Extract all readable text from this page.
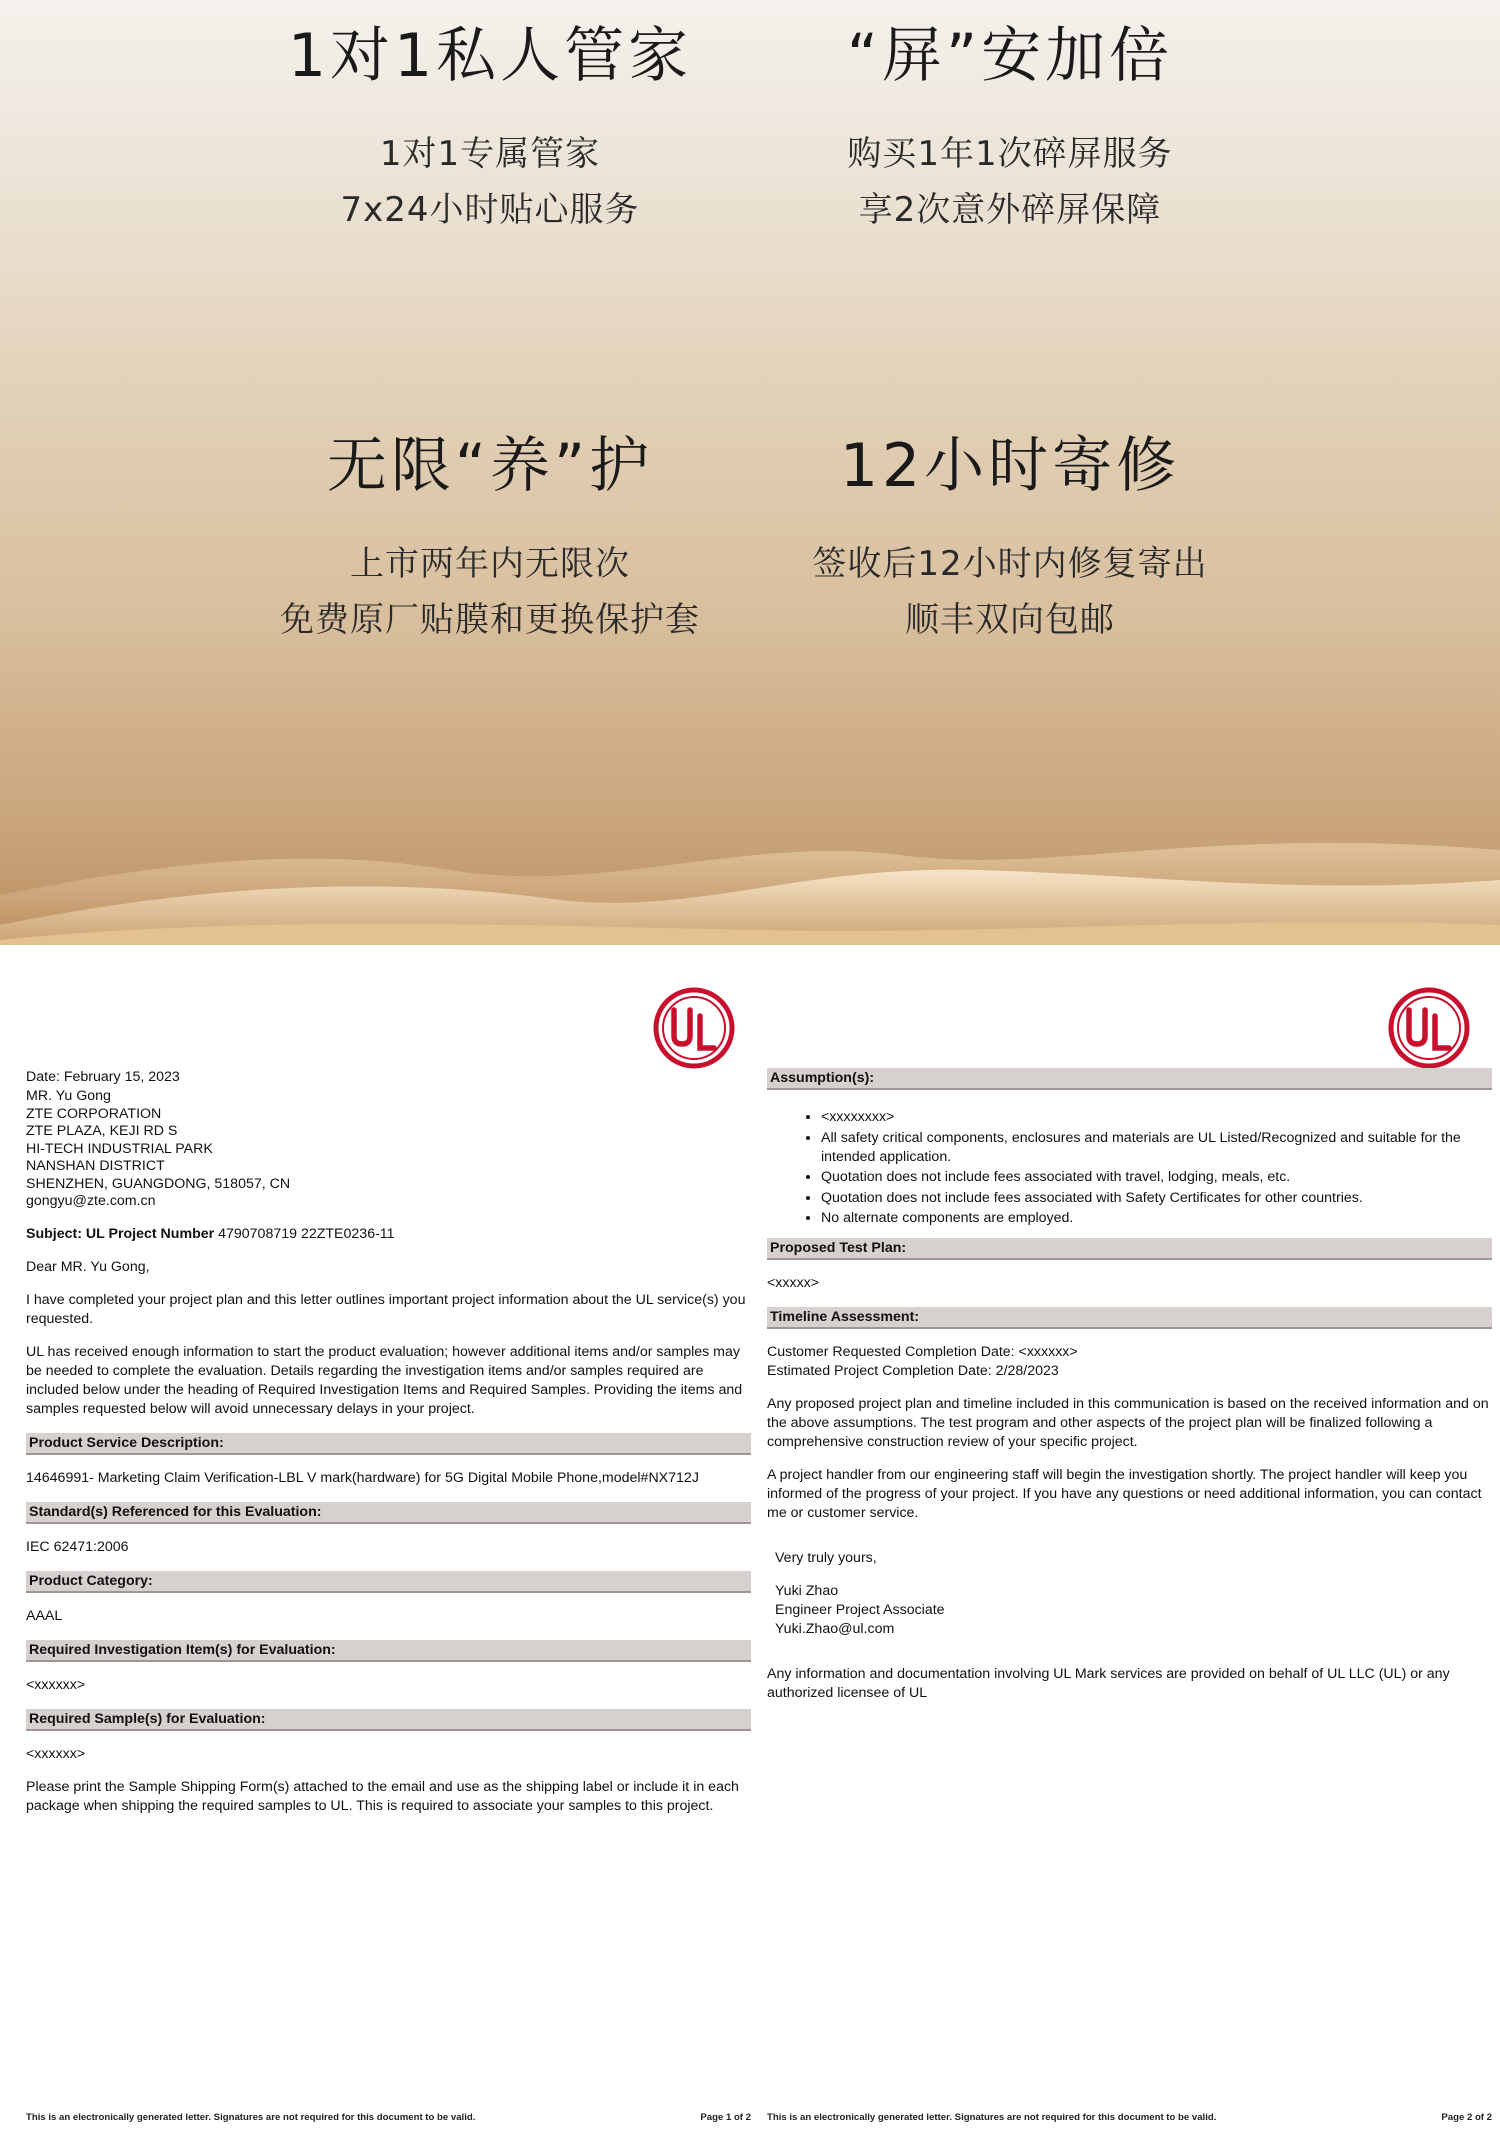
1对1私人管家
1对1专属管家
7x24小时贴心服务
“屏”安加倍
购买1年1次碎屏服务
享2次意外碎屏保障
无限“养”护
上市两年内无限次
免费原厂贴膜和更换保护套
12小时寄修
签收后12小时内修复寄出
顺丰双向包邮
Date: February 15, 2023
MR. Yu Gong
ZTE CORPORATION
ZTE PLAZA, KEJI RD S
HI-TECH INDUSTRIAL PARK
NANSHAN DISTRICT
SHENZHEN, GUANGDONG, 518057, CN
gongyu@zte.com.cn
Subject: UL Project Number 4790708719 22ZTE0236-11
Dear MR. Yu Gong,
I have completed your project plan and this letter outlines important project information about the UL service(s) you requested.
UL has received enough information to start the product evaluation; however additional items and/or samples may be needed to complete the evaluation. Details regarding the investigation items and/or samples required are included below under the heading of Required Investigation Items and Required Samples. Providing the items and samples requested below will avoid unnecessary delays in your project.
Product Service Description:
14646991- Marketing Claim Verification-LBL V mark(hardware) for 5G Digital Mobile Phone,model#NX712J
Standard(s) Referenced for this Evaluation:
IEC 62471:2006
Product Category:
AAAL
Required Investigation Item(s) for Evaluation:
<xxxxxx>
Required Sample(s) for Evaluation:
<xxxxxx>
Please print the Sample Shipping Form(s) attached to the email and use as the shipping label or include it in each package when shipping the required samples to UL. This is required to associate your samples to this project.
This is an electronically generated letter. Signatures are not required for this document to be valid.	Page 1 of 2
Assumption(s):
• <xxxxxxxx>
• All safety critical components, enclosures and materials are UL Listed/Recognized and suitable for the intended application.
• Quotation does not include fees associated with travel, lodging, meals, etc.
• Quotation does not include fees associated with Safety Certificates for other countries.
• No alternate components are employed.
Proposed Test Plan:
<xxxxx>
Timeline Assessment:
Customer Requested Completion Date: <xxxxxx>
Estimated Project Completion Date: 2/28/2023
Any proposed project plan and timeline included in this communication is based on the received information and on the above assumptions. The test program and other aspects of the project plan will be finalized following a comprehensive construction review of your specific project.
A project handler from our engineering staff will begin the investigation shortly. The project handler will keep you informed of the progress of your project. If you have any questions or need additional information, you can contact me or customer service.
Very truly yours,
Yuki Zhao
Engineer Project Associate
Yuki.Zhao@ul.com
Any information and documentation involving UL Mark services are provided on behalf of UL LLC (UL) or any authorized licensee of UL
This is an electronically generated letter. Signatures are not required for this document to be valid.	Page 2 of 2
